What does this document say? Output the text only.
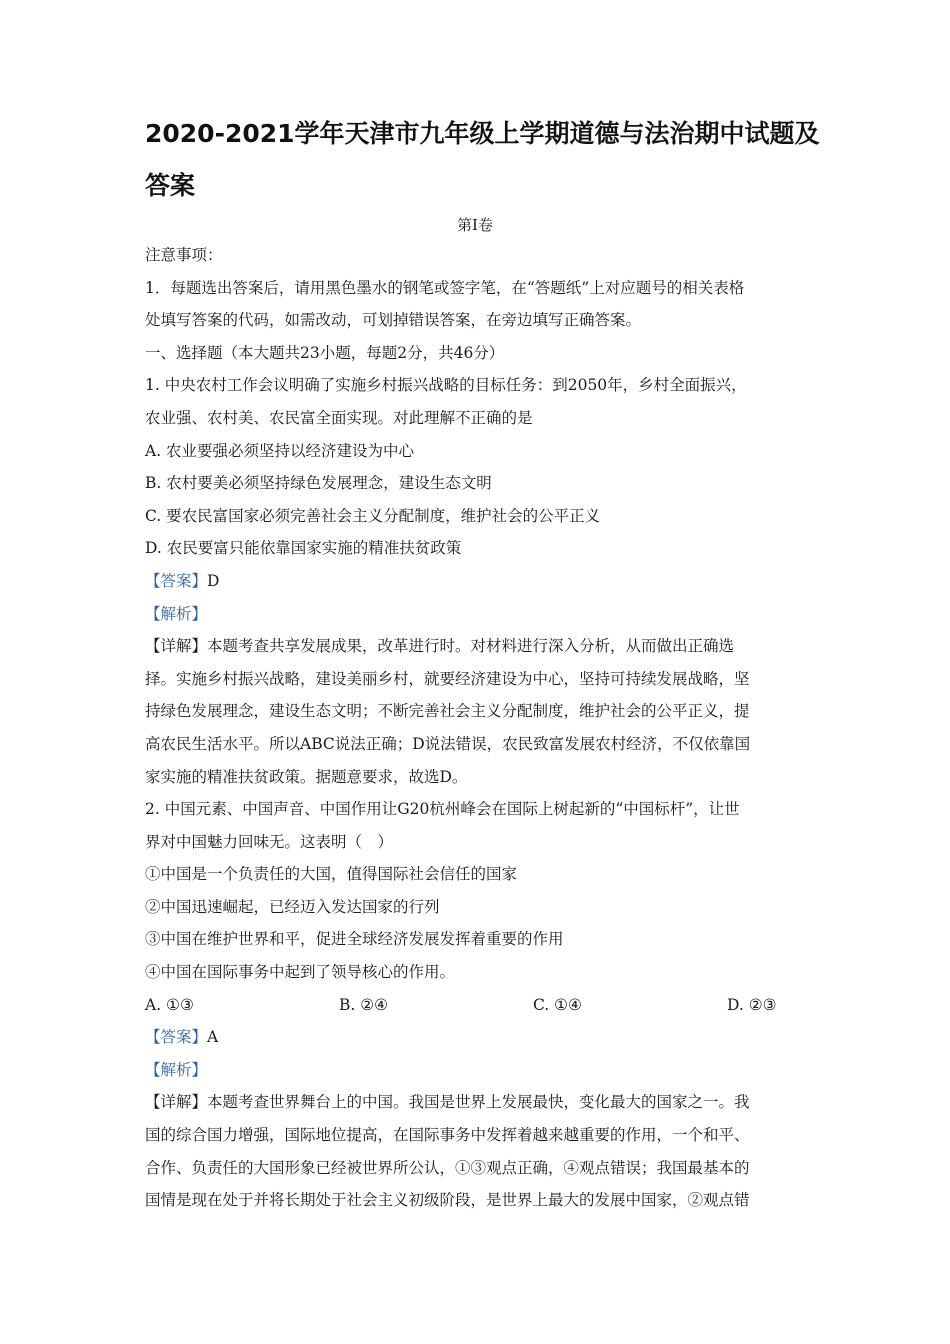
2020-2021学年天津市九年级上学期道德与法治期中试题及答案
第Ⅰ卷
注意事项：
1．每题选出答案后，请用黑色墨水的钢笔或签字笔，在“答题纸”上对应题号的相关表格
处填写答案的代码，如需改动，可划掉错误答案，在旁边填写正确答案。
一、选择题（本大题共23小题，每题2分，共46分）
1. 中央农村工作会议明确了实施乡村振兴战略的目标任务：到2050年，乡村全面振兴，
农业强、农村美、农民富全面实现。对此理解不正确的是
A. 农业要强必须坚持以经济建设为中心
B. 农村要美必须坚持绿色发展理念，建设生态文明
C. 要农民富国家必须完善社会主义分配制度，维护社会的公平正义
D. 农民要富只能依靠国家实施的精准扶贫政策
【答案】D
【解析】
【详解】本题考查共享发展成果，改革进行时。对材料进行深入分析，从而做出正确选
择。实施乡村振兴战略，建设美丽乡村，就要经济建设为中心，坚持可持续发展战略，坚
持绿色发展理念，建设生态文明；不断完善社会主义分配制度，维护社会的公平正义，提
高农民生活水平。所以ABC说法正确；D说法错误，农民致富发展农村经济，不仅依靠国
家实施的精准扶贫政策。据题意要求，故选D。
2. 中国元素、中国声音、中国作用让G20杭州峰会在国际上树起新的“中国标杆”，让世
界对中国魅力回味无。这表明（　）
①中国是一个负责任的大国，值得国际社会信任的国家
②中国迅速崛起，已经迈入发达国家的行列
③中国在维护世界和平，促进全球经济发展发挥着重要的作用
④中国在国际事务中起到了领导核心的作用。
A. ①③	B. ②④	C. ①④	D. ②③
【答案】A
【解析】
【详解】本题考查世界舞台上的中国。我国是世界上发展最快，变化最大的国家之一。我
国的综合国力增强，国际地位提高，在国际事务中发挥着越来越重要的作用，一个和平、
合作、负责任的大国形象已经被世界所公认，①③观点正确，④观点错误；我国最基本的
国情是现在处于并将长期处于社会主义初级阶段，是世界上最大的发展中国家，②观点错
